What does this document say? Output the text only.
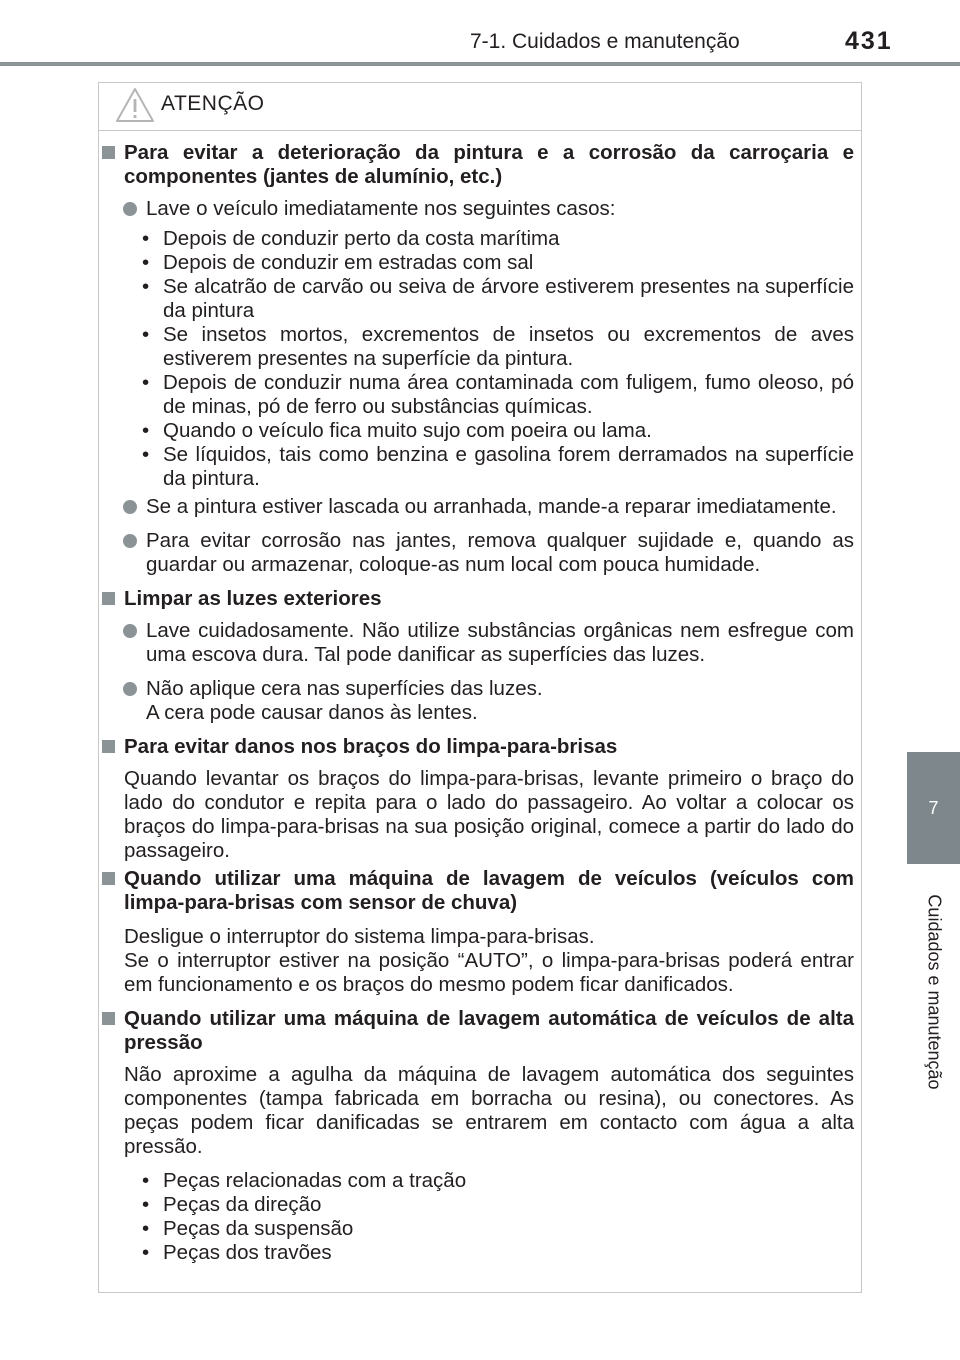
7-1. Cuidados e manutenção	431
7
Cuidados e manutenção
ATENÇÃO

Para evitar a deterioração da pintura e a corrosão da carroçaria e componentes (jantes de alumínio, etc.)

Lave o veículo imediatamente nos seguintes casos:

• Depois de conduzir perto da costa marítima
• Depois de conduzir em estradas com sal
• Se alcatrão de carvão ou seiva de árvore estiverem presentes na superfície da pintura
• Se insetos mortos, excrementos de insetos ou excrementos de aves estiverem presentes na superfície da pintura.
• Depois de conduzir numa área contaminada com fuligem, fumo oleoso, pó de minas, pó de ferro ou substâncias químicas.
• Quando o veículo fica muito sujo com poeira ou lama.
• Se líquidos, tais como benzina e gasolina forem derramados na superfície da pintura.

Se a pintura estiver lascada ou arranhada, mande-a reparar imediatamente.

Para evitar corrosão nas jantes, remova qualquer sujidade e, quando as guardar ou armazenar, coloque-as num local com pouca humidade.

Limpar as luzes exteriores

Lave cuidadosamente. Não utilize substâncias orgânicas nem esfregue com uma escova dura. Tal pode danificar as superfícies das luzes.

Não aplique cera nas superfícies das luzes.
A cera pode causar danos às lentes.

Para evitar danos nos braços do limpa-para-brisas

Quando levantar os braços do limpa-para-brisas, levante primeiro o braço do lado do condutor e repita para o lado do passageiro. Ao voltar a colocar os braços do limpa-para-brisas na sua posição original, comece a partir do lado do passageiro.

Quando utilizar uma máquina de lavagem de veículos (veículos com limpa-para-brisas com sensor de chuva)

Desligue o interruptor do sistema limpa-para-brisas.
Se o interruptor estiver na posição “AUTO”, o limpa-para-brisas poderá entrar em funcionamento e os braços do mesmo podem ficar danificados.

Quando utilizar uma máquina de lavagem automática de veículos de alta pressão

Não aproxime a agulha da máquina de lavagem automática dos seguintes componentes (tampa fabricada em borracha ou resina), ou conectores. As peças podem ficar danificadas se entrarem em contacto com água a alta pressão.

• Peças relacionadas com a tração
• Peças da direção
• Peças da suspensão
• Peças dos travões
